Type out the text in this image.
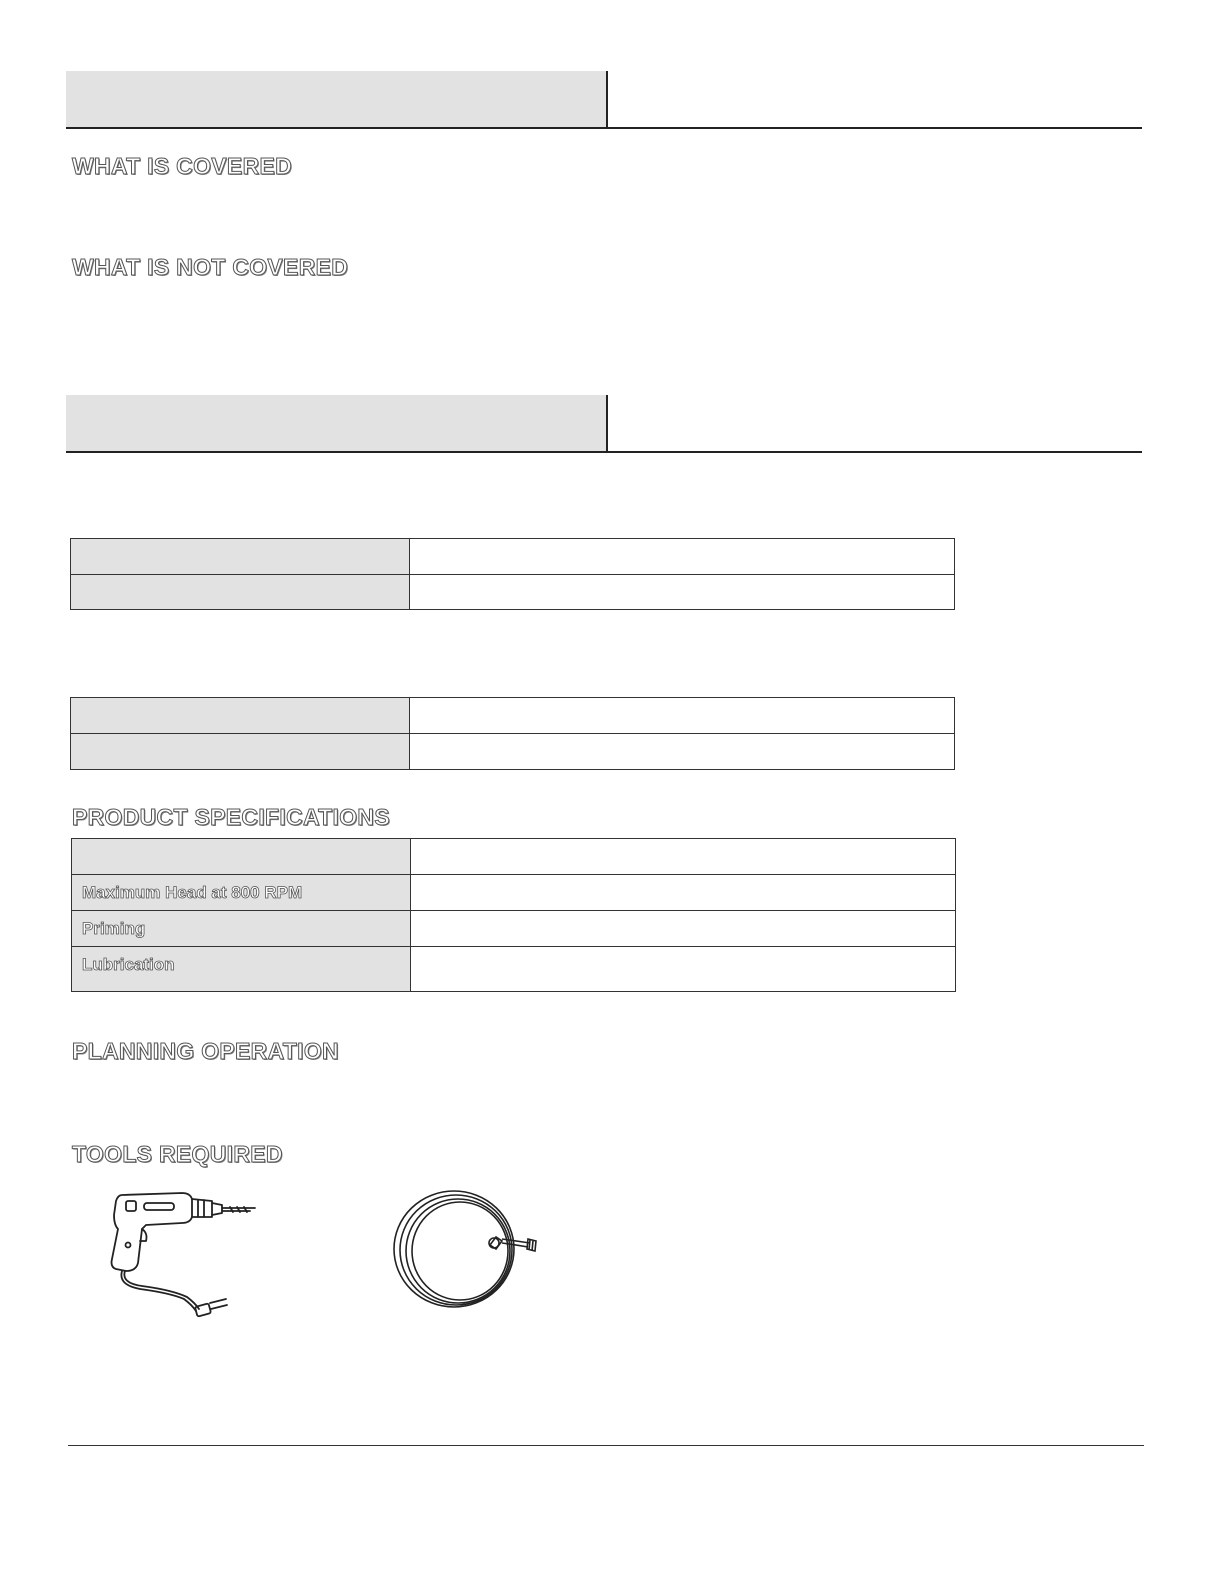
WHAT IS COVERED
WHAT IS NOT COVERED

PRODUCT SPECIFICATIONS

Maximum Head at 800 RPM	
Priming	
Lubrication	
PLANNING OPERATION
TOOLS REQUIRED
